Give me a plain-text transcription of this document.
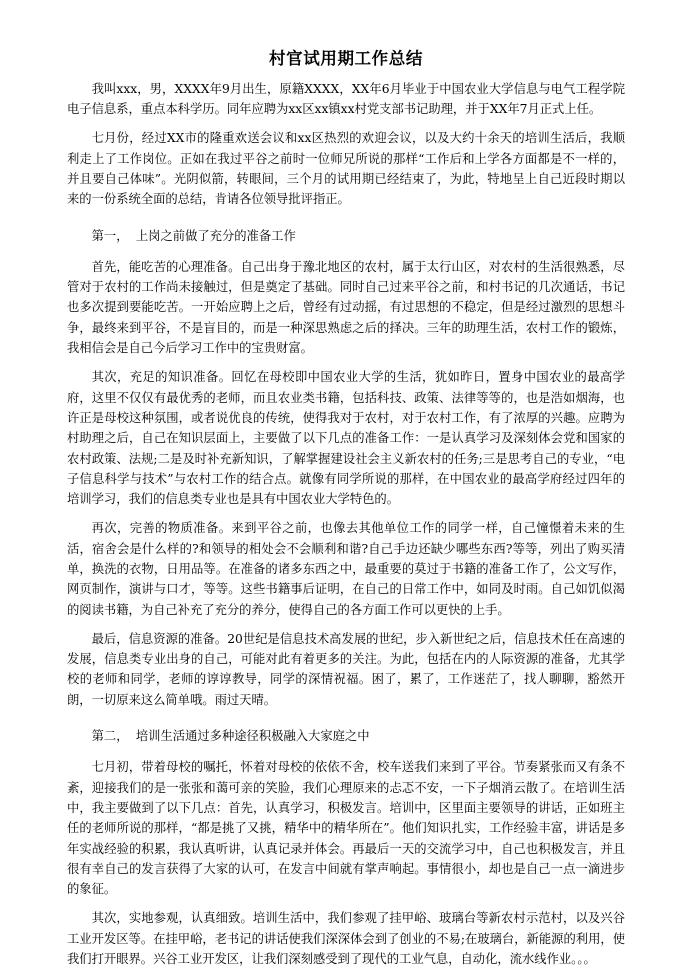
村官试用期工作总结

我叫xxx，男，XXXX年9月出生，原籍XXXX，XX年6月毕业于中国农业大学信息与电气工程学院电子信息系，重点本科学历。同年应聘为xx区xx镇xx村党支部书记助理，并于XX年7月正式上任。

七月份，经过XX市的隆重欢送会议和xx区热烈的欢迎会议，以及大约十余天的培训生活后，我顺利走上了工作岗位。正如在我过平谷之前时一位师兄所说的那样“工作后和上学各方面都是不一样的，并且要自己体味”。光阴似箭，转眼间，三个月的试用期已经结束了，为此，特地呈上自己近段时期以来的一份系统全面的总结，肯请各位领导批评指正。

第一， 上岗之前做了充分的准备工作

首先，能吃苦的心理准备。自己出身于豫北地区的农村，属于太行山区，对农村的生活很熟悉，尽管对于农村的工作尚未接触过，但是奠定了基础。同时自己过来平谷之前，和村书记的几次通话，书记也多次提到要能吃苦。一开始应聘上之后，曾经有过动摇，有过思想的不稳定，但是经过激烈的思想斗争，最终来到平谷，不是盲目的，而是一种深思熟虑之后的择决。三年的助理生活，农村工作的锻炼，我相信会是自己今后学习工作中的宝贵财富。

其次，充足的知识准备。回忆在母校即中国农业大学的生活，犹如昨日，置身中国农业的最高学府，这里不仅仅有最优秀的老师，而且农业类书籍，包括科技、政策、法律等等的，也是浩如烟海，也许正是母校这种氛围，或者说优良的传统，使得我对于农村，对于农村工作，有了浓厚的兴趣。应聘为村助理之后，自己在知识层面上，主要做了以下几点的准备工作：一是认真学习及深刻体会党和国家的农村政策、法规;二是及时补充新知识，了解掌握建设社会主义新农村的任务;三是思考自己的专业，“电子信息科学与技术”与农村工作的结合点。就像有同学所说的那样，在中国农业的最高学府经过四年的培训学习，我们的信息类专业也是具有中国农业大学特色的。

再次，完善的物质准备。来到平谷之前，也像去其他单位工作的同学一样，自己憧憬着未来的生活，宿舍会是什么样的?和领导的相处会不会顺利和谐?自己手边还缺少哪些东西?等等，列出了购买清单，换洗的衣物，日用品等。在准备的诸多东西之中，最重要的莫过于书籍的准备工作了，公文写作，网页制作，演讲与口才，等等。这些书籍事后证明，在自己的日常工作中，如同及时雨。自己如饥似渴的阅读书籍，为自己补充了充分的养分，使得自己的各方面工作可以更快的上手。

最后，信息资源的准备。20世纪是信息技术高发展的世纪，步入新世纪之后，信息技术任在高速的发展，信息类专业出身的自己，可能对此有着更多的关注。为此，包括在内的人际资源的准备，尤其学校的老师和同学，老师的谆谆教导，同学的深情祝福。困了，累了，工作迷茫了，找人聊聊，豁然开朗，一切原来这么简单哦。雨过天晴。

第二， 培训生活通过多种途径积极融入大家庭之中

七月初，带着母校的嘱托，怀着对母校的依依不舍，校车送我们来到了平谷。节奏紧张而又有条不紊，迎接我们的是一张张和蔼可亲的笑脸，我们心理原来的忐忑不安，一下子烟消云散了。在培训生活中，我主要做到了以下几点：首先，认真学习，积极发言。培训中，区里面主要领导的讲话，正如班主任的老师所说的那样，“都是挑了又挑，精华中的精华所在”。他们知识扎实，工作经验丰富，讲话是多年实战经验的积累，我认真听讲，认真记录并体会。再最后一天的交流学习中，自己也积极发言，并且很有幸自己的发言获得了大家的认可，在发言中间就有掌声响起。事情很小，却也是自己一点一滴进步的象征。

其次，实地参观，认真细致。培训生活中，我们参观了挂甲峪、玻璃台等新农村示范村，以及兴谷工业开发区等。在挂甲峪，老书记的讲话使我们深深体会到了创业的不易;在玻璃台，新能源的利用，使我们打开眼界。兴谷工业开发区，让我们深刻感受到了现代的工业气息，自动化，流水线作业。。。
